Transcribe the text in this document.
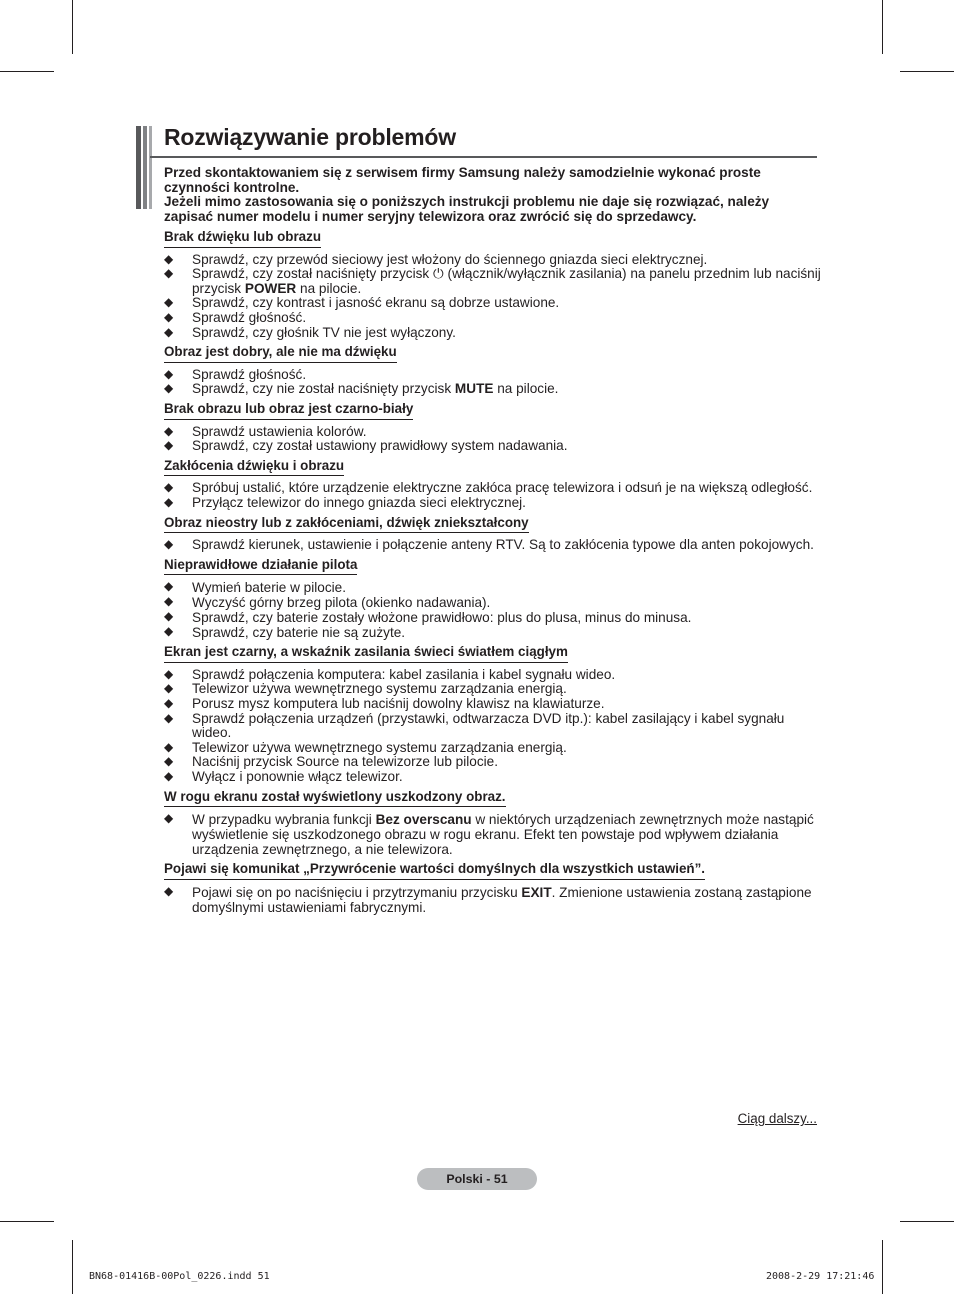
Rozwiązywanie problemów

Przed skontaktowaniem się z serwisem firmy Samsung należy samodzielnie wykonać proste czynności kontrolne.

Jeżeli mimo zastosowania się o poniższych instrukcji problemu nie daje się rozwiązać, należy zapisać numer modelu i numer seryjny telewizora oraz zwrócić się do sprzedawcy.

Brak dźwięku lub obrazu
◆ Sprawdź, czy przewód sieciowy jest włożony do ściennego gniazda sieci elektrycznej.
◆ Sprawdź, czy został naciśnięty przycisk ⏻ (włącznik/wyłącznik zasilania) na panelu przednim lub naciśnij przycisk POWER na pilocie.
◆ Sprawdź, czy kontrast i jasność ekranu są dobrze ustawione.
◆ Sprawdź głośność.
◆ Sprawdź, czy głośnik TV nie jest wyłączony.
Obraz jest dobry, ale nie ma dźwięku
◆ Sprawdź głośność.
◆ Sprawdź, czy nie został naciśnięty przycisk MUTE na pilocie.
Brak obrazu lub obraz jest czarno-biały
◆ Sprawdź ustawienia kolorów.
◆ Sprawdź, czy został ustawiony prawidłowy system nadawania.
Zakłócenia dźwięku i obrazu
◆ Spróbuj ustalić, które urządzenie elektryczne zakłóca pracę telewizora i odsuń je na większą odległość.
◆ Przyłącz telewizor do innego gniazda sieci elektrycznej.
Obraz nieostry lub z zakłóceniami, dźwięk zniekształcony
◆ Sprawdź kierunek, ustawienie i połączenie anteny RTV. Są to zakłócenia typowe dla anten pokojowych.
Nieprawidłowe działanie pilota
◆ Wymień baterie w pilocie.
◆ Wyczyść górny brzeg pilota (okienko nadawania).
◆ Sprawdź, czy baterie zostały włożone prawidłowo: plus do plusa, minus do minusa.
◆ Sprawdź, czy baterie nie są zużyte.
Ekran jest czarny, a wskaźnik zasilania świeci światłem ciągłym
◆ Sprawdź połączenia komputera: kabel zasilania i kabel sygnału wideo.
◆ Telewizor używa wewnętrznego systemu zarządzania energią.
◆ Porusz mysz komputera lub naciśnij dowolny klawisz na klawiaturze.
◆ Sprawdź połączenia urządzeń (przystawki, odtwarzacza DVD itp.): kabel zasilający i kabel sygnału wideo.
◆ Telewizor używa wewnętrznego systemu zarządzania energią.
◆ Naciśnij przycisk Source na telewizorze lub pilocie.
◆ Wyłącz i ponownie włącz telewizor.
W rogu ekranu został wyświetlony uszkodzony obraz.
◆ W przypadku wybrania funkcji Bez overscanu w niektórych urządzeniach zewnętrznych może nastąpić wyświetlenie się uszkodzonego obrazu w rogu ekranu. Efekt ten powstaje pod wpływem działania urządzenia zewnętrznego, a nie telewizora.
Pojawi się komunikat „Przywrócenie wartości domyślnych dla wszystkich ustawień”.
◆ Pojawi się on po naciśnięciu i przytrzymaniu przycisku EXIT. Zmienione ustawienia zostaną zastąpione domyślnymi ustawieniami fabrycznymi.
Ciąg dalszy...
Polski - 51
BN68-01416B-00Pol_0226.indd 51	2008-2-29 17:21:46
